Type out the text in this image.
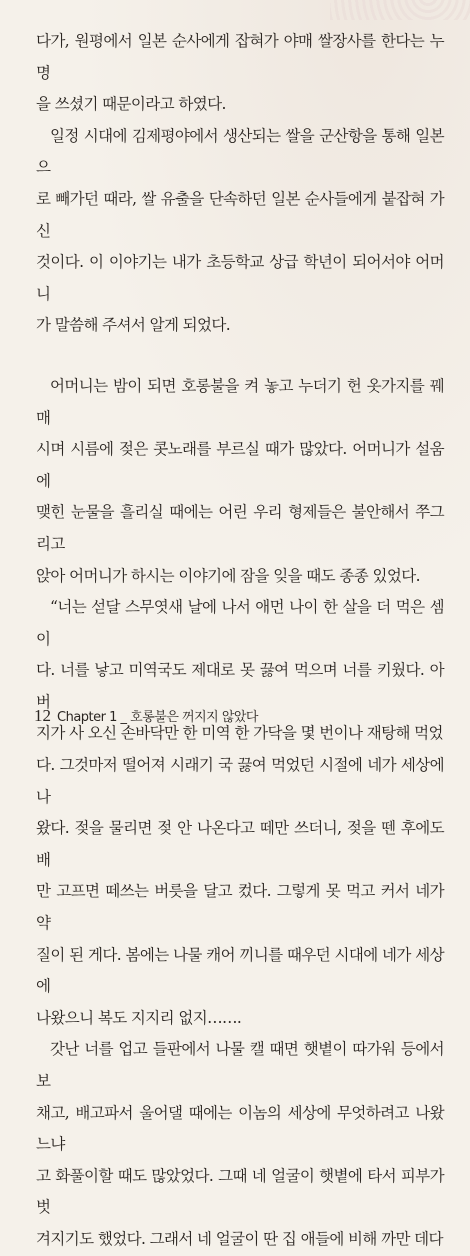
다가, 원평에서 일본 순사에게 잡혀가 야매 쌀장사를 한다는 누명
을 쓰셨기 때문이라고 하였다.

일정 시대에 김제평야에서 생산되는 쌀을 군산항을 통해 일본으
로 빼가던 때라, 쌀 유출을 단속하던 일본 순사들에게 붙잡혀 가신
것이다. 이 이야기는 내가 초등학교 상급 학년이 되어서야 어머니
가 말씀해 주셔서 알게 되었다.

어머니는 밤이 되면 호롱불을 켜 놓고 누더기 헌 옷가지를 꿰매
시며 시름에 젖은 콧노래를 부르실 때가 많았다. 어머니가 설움에
맺힌 눈물을 흘리실 때에는 어린 우리 형제들은 불안해서 쭈그리고
앉아 어머니가 하시는 이야기에 잠을 잊을 때도 종종 있었다.

“너는 섣달 스무엿새 날에 나서 애먼 나이 한 살을 더 먹은 셈이
다. 너를 낳고 미역국도 제대로 못 끓여 먹으며 너를 키웠다. 아버
지가 사 오신 손바닥만 한 미역 한 가닥을 몇 번이나 재탕해 먹었
다. 그것마저 떨어져 시래기 국 끓여 먹었던 시절에 네가 세상에 나
왔다. 젖을 물리면 젖 안 나온다고 떼만 쓰더니, 젖을 뗀 후에도 배
만 고프면 떼쓰는 버릇을 달고 컸다. 그렇게 못 먹고 커서 네가 약
질이 된 게다. 봄에는 나물 캐어 끼니를 때우던 시대에 네가 세상에
나왔으니 복도 지지리 없지…….

갓난 너를 업고 들판에서 나물 캘 때면 햇볕이 따가워 등에서 보
채고, 배고파서 울어댈 때에는 이놈의 세상에 무엇하려고 나왔느냐
고 화풀이할 때도 많았었다. 그때 네 얼굴이 햇볕에 타서 피부가 벗
겨지기도 했었다. 그래서 네 얼굴이 딴 집 애들에 비해 까만 데다

12 Chapter 1 _ 호롱불은 꺼지지 않았다
